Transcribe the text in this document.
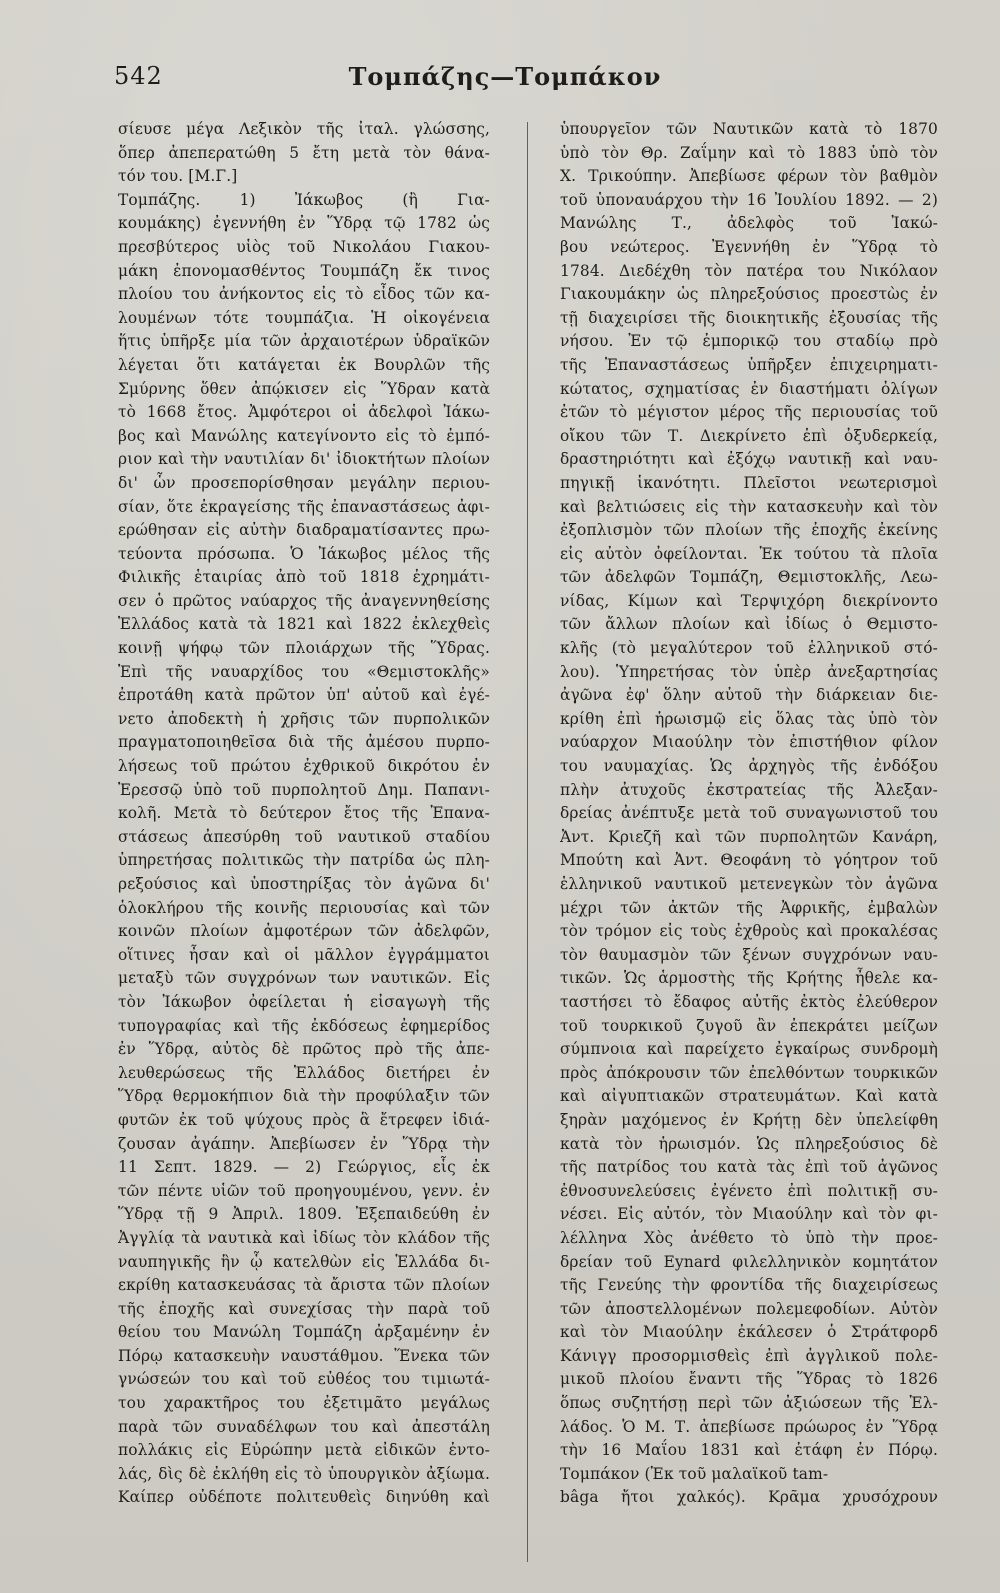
542	Τομπάζης—Τομπάκον
σίευσε μέγα Λεξικὸν τῆς ἰταλ. γλώσσης,
ὅπερ ἀπεπερατώθη 5 ἔτη μετὰ τὸν θάνα-
τόν του. [Μ.Γ.]
Τομπάζης. 1) Ἰάκωβος (ἢ Για-
κουμάκης) ἐγεννήθη ἐν Ὕδρᾳ τῷ 1782 ὡς
πρεσβύτερος υἱὸς τοῦ Νικολάου Γιακου-
μάκη ἐπονομασθέντος Τουμπάζη ἔκ τινος
πλοίου του ἀνήκοντος εἰς τὸ εἶδος τῶν κα-
λουμένων τότε τουμπάζια. Ἡ οἰκογένεια
ἥτις ὑπῆρξε μία τῶν ἀρχαιοτέρων ὑδραϊκῶν
λέγεται ὅτι κατάγεται ἐκ Βουρλῶν τῆς
Σμύρνης ὅθεν ἀπῴκισεν εἰς Ὕδραν κατὰ
τὸ 1668 ἔτος. Ἀμφότεροι οἱ ἀδελφοὶ Ἰάκω-
βος καὶ Μανώλης κατεγίνοντο εἰς τὸ ἐμπό-
ριον καὶ τὴν ναυτιλίαν δι' ἰδιοκτήτων πλοίων
δι' ὧν προσεπορίσθησαν μεγάλην περιου-
σίαν, ὅτε ἐκραγείσης τῆς ἐπαναστάσεως ἀφι-
ερώθησαν εἰς αὐτὴν διαδραματίσαντες πρω-
τεύοντα πρόσωπα. Ὁ Ἰάκωβος μέλος τῆς
Φιλικῆς ἑταιρίας ἀπὸ τοῦ 1818 ἐχρημάτι-
σεν ὁ πρῶτος ναύαρχος τῆς ἀναγεννηθείσης
Ἑλλάδος κατὰ τὰ 1821 καὶ 1822 ἐκλεχθεὶς
κοινῇ ψήφῳ τῶν πλοιάρχων τῆς Ὕδρας.
Ἐπὶ τῆς ναυαρχίδος του «Θεμιστοκλῆς»
ἐπροτάθη κατὰ πρῶτον ὑπ' αὐτοῦ καὶ ἐγέ-
νετο ἀποδεκτὴ ἡ χρῆσις τῶν πυρπολικῶν
πραγματοποιηθεῖσα διὰ τῆς ἀμέσου πυρπο-
λήσεως τοῦ πρώτου ἐχθρικοῦ δικρότου ἐν
Ἐρεσσῷ ὑπὸ τοῦ πυρπολητοῦ Δημ. Παπανι-
κολῆ. Μετὰ τὸ δεύτερον ἔτος τῆς Ἐπανα-
στάσεως ἀπεσύρθη τοῦ ναυτικοῦ σταδίου
ὑπηρετήσας πολιτικῶς τὴν πατρίδα ὡς πλη-
ρεξούσιος καὶ ὑποστηρίξας τὸν ἀγῶνα δι'
ὁλοκλήρου τῆς κοινῆς περιουσίας καὶ τῶν
κοινῶν πλοίων ἀμφοτέρων τῶν ἀδελφῶν,
οἵτινες ἦσαν καὶ οἱ μᾶλλον ἐγγράμματοι
μεταξὺ τῶν συγχρόνων των ναυτικῶν. Εἰς
τὸν Ἰάκωβον ὀφείλεται ἡ εἰσαγωγὴ τῆς
τυπογραφίας καὶ τῆς ἐκδόσεως ἐφημερίδος
ἐν Ὕδρᾳ, αὐτὸς δὲ πρῶτος πρὸ τῆς ἀπε-
λευθερώσεως τῆς Ἑλλάδος διετήρει ἐν
Ὕδρᾳ θερμοκήπιον διὰ τὴν προφύλαξιν τῶν
φυτῶν ἐκ τοῦ ψύχους πρὸς ἃ ἔτρεφεν ἰδιά-
ζουσαν ἀγάπην. Ἀπεβίωσεν ἐν Ὕδρᾳ τὴν
11 Σεπτ. 1829. — 2) Γεώργιος, εἷς ἐκ
τῶν πέντε υἱῶν τοῦ προηγουμένου, γενν. ἐν
Ὕδρᾳ τῇ 9 Ἀπριλ. 1809. Ἐξεπαιδεύθη ἐν
Ἀγγλίᾳ τὰ ναυτικὰ καὶ ἰδίως τὸν κλάδον τῆς
ναυπηγικῆς ἣν ᾧ κατελθὼν εἰς Ἑλλάδα δι-
εκρίθη κατασκευάσας τὰ ἄριστα τῶν πλοίων
τῆς ἐποχῆς καὶ συνεχίσας τὴν παρὰ τοῦ
θείου του Μανώλη Τομπάζη ἀρξαμένην ἐν
Πόρῳ κατασκευὴν ναυστάθμου. Ἕνεκα τῶν
γνώσεών του καὶ τοῦ εὐθέος του τιμιωτά-
του χαρακτῆρος του ἐξετιμᾶτο μεγάλως
παρὰ τῶν συναδέλφων του καὶ ἀπεστάλη
πολλάκις εἰς Εὐρώπην μετὰ εἰδικῶν ἐντο-
λάς, δὶς δὲ ἐκλήθη εἰς τὸ ὑπουργικὸν ἀξίωμα.
Καίπερ οὐδέποτε πολιτευθεὶς διηνύθη καὶ
ὑπουργεῖον τῶν Ναυτικῶν κατὰ τὸ 1870
ὑπὸ τὸν Θρ. Ζαΐμην καὶ τὸ 1883 ὑπὸ τὸν
Χ. Τρικούπην. Ἀπεβίωσε φέρων τὸν βαθμὸν
τοῦ ὑποναυάρχου τὴν 16 Ἰουλίου 1892. — 2)
Μανώλης Τ., ἀδελφὸς τοῦ Ἰακώ-
βου νεώτερος. Ἐγεννήθη ἐν Ὕδρᾳ τὸ
1784. Διεδέχθη τὸν πατέρα του Νικόλαον
Γιακουμάκην ὡς πληρεξούσιος προεστὼς ἐν
τῇ διαχειρίσει τῆς διοικητικῆς ἐξουσίας τῆς
νήσου. Ἐν τῷ ἐμπορικῷ του σταδίῳ πρὸ
τῆς Ἐπαναστάσεως ὑπῆρξεν ἐπιχειρηματι-
κώτατος, σχηματίσας ἐν διαστήματι ὀλίγων
ἐτῶν τὸ μέγιστον μέρος τῆς περιουσίας τοῦ
οἴκου τῶν Τ. Διεκρίνετο ἐπὶ ὀξυδερκείᾳ,
δραστηριότητι καὶ ἐξόχῳ ναυτικῇ καὶ ναυ-
πηγικῇ ἱκανότητι. Πλεῖστοι νεωτερισμοὶ
καὶ βελτιώσεις εἰς τὴν κατασκευὴν καὶ τὸν
ἐξοπλισμὸν τῶν πλοίων τῆς ἐποχῆς ἐκείνης
εἰς αὐτὸν ὀφείλονται. Ἐκ τούτου τὰ πλοῖα
τῶν ἀδελφῶν Τομπάζη, Θεμιστοκλῆς, Λεω-
νίδας, Κίμων καὶ Τερψιχόρη διεκρίνοντο
τῶν ἄλλων πλοίων καὶ ἰδίως ὁ Θεμιστο-
κλῆς (τὸ μεγαλύτερον τοῦ ἑλληνικοῦ στό-
λου). Ὑπηρετήσας τὸν ὑπὲρ ἀνεξαρτησίας
ἀγῶνα ἐφ' ὅλην αὐτοῦ τὴν διάρκειαν διε-
κρίθη ἐπὶ ἡρωισμῷ εἰς ὅλας τὰς ὑπὸ τὸν
ναύαρχον Μιαούλην τὸν ἐπιστήθιον φίλον
του ναυμαχίας. Ὡς ἀρχηγὸς τῆς ἐνδόξου
πλὴν ἀτυχοῦς ἐκστρατείας τῆς Ἀλεξαν-
δρείας ἀνέπτυξε μετὰ τοῦ συναγωνιστοῦ του
Ἀντ. Κριεζῆ καὶ τῶν πυρπολητῶν Κανάρη,
Μπούτη καὶ Ἀντ. Θεοφάνη τὸ γόητρον τοῦ
ἑλληνικοῦ ναυτικοῦ μετενεγκὼν τὸν ἀγῶνα
μέχρι τῶν ἀκτῶν τῆς Ἀφρικῆς, ἐμβαλὼν
τὸν τρόμον εἰς τοὺς ἐχθροὺς καὶ προκαλέσας
τὸν θαυμασμὸν τῶν ξένων συγχρόνων ναυ-
τικῶν. Ὡς ἁρμοστὴς τῆς Κρήτης ἦθελε κα-
ταστήσει τὸ ἔδαφος αὐτῆς ἐκτὸς ἐλεύθερον
τοῦ τουρκικοῦ ζυγοῦ ἂν ἐπεκράτει μείζων
σύμπνοια καὶ παρείχετο ἐγκαίρως συνδρομὴ
πρὸς ἀπόκρουσιν τῶν ἐπελθόντων τουρκικῶν
καὶ αἰγυπτιακῶν στρατευμάτων. Καὶ κατὰ
ξηρὰν μαχόμενος ἐν Κρήτῃ δὲν ὑπελείφθη
κατὰ τὸν ἡρωισμόν. Ὡς πληρεξούσιος δὲ
τῆς πατρίδος του κατὰ τὰς ἐπὶ τοῦ ἀγῶνος
ἐθνοσυνελεύσεις ἐγένετο ἐπὶ πολιτικῇ συ-
νέσει. Εἰς αὐτόν, τὸν Μιαούλην καὶ τὸν φι-
λέλληνα Χὸς ἀνέθετο τὸ ὑπὸ τὴν προε-
δρείαν τοῦ Eynard φιλελληνικὸν κομητάτον
τῆς Γενεύης τὴν φροντίδα τῆς διαχειρίσεως
τῶν ἀποστελλομένων πολεμεφοδίων. Αὐτὸν
καὶ τὸν Μιαούλην ἐκάλεσεν ὁ Στράτφορδ
Κάνιγγ προσορμισθεὶς ἐπὶ ἀγγλικοῦ πολε-
μικοῦ πλοίου ἔναντι τῆς Ὕδρας τὸ 1826
ὅπως συζητήσῃ περὶ τῶν ἀξιώσεων τῆς Ἑλ-
λάδος. Ὁ Μ. Τ. ἀπεβίωσε πρώωρος ἐν Ὕδρᾳ
τὴν 16 Μαΐου 1831 καὶ ἐτάφη ἐν Πόρῳ.
Τομπάκον (Ἐκ τοῦ μαλαϊκοῦ tam-
bâga ἤτοι χαλκός). Κρᾶμα χρυσόχρουν
